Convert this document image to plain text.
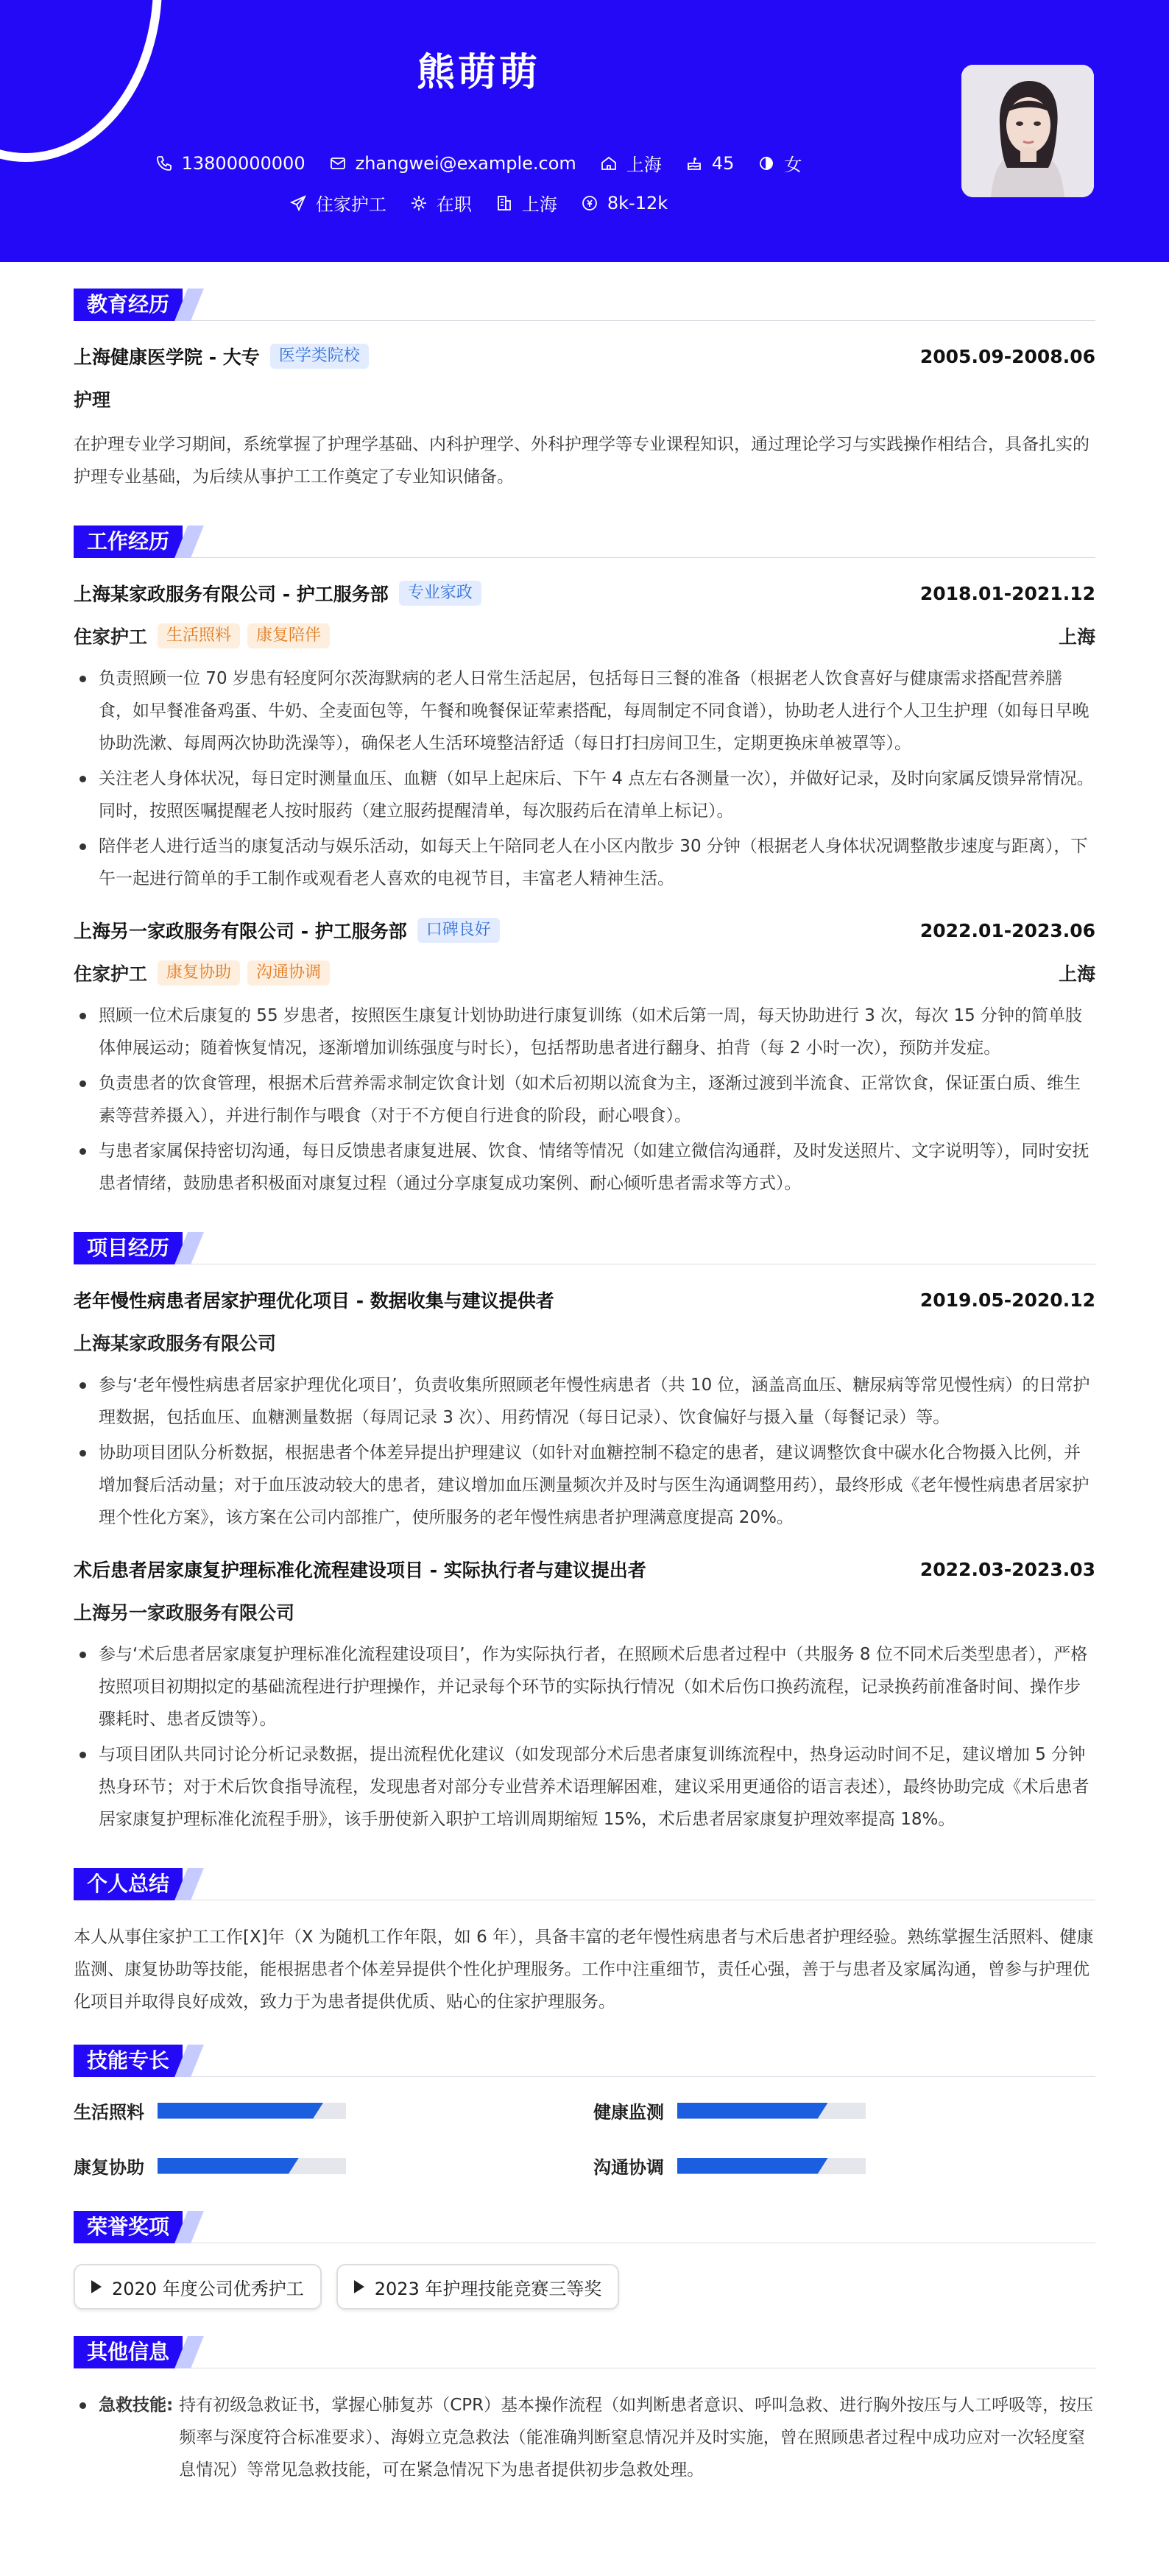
熊萌萌
13800000000	zhangwei@example.com	上海	45	女
住家护工	在职	上海	8k-12k
教育经历
上海健康医学院 - 大专	医学类院校	2005.09-2008.06
护理
在护理专业学习期间，系统掌握了护理学基础、内科护理学、外科护理学等专业课程知识，通过理论学习与实践操作相结合，具备扎实的护理专业基础，为后续从事护工工作奠定了专业知识储备。
工作经历
上海某家政服务有限公司 - 护工服务部	专业家政	2018.01-2021.12
住家护工	生活照料	康复陪伴	上海
负责照顾一位 70 岁患有轻度阿尔茨海默病的老人日常生活起居，包括每日三餐的准备（根据老人饮食喜好与健康需求搭配营养膳食，如早餐准备鸡蛋、牛奶、全麦面包等，午餐和晚餐保证荤素搭配，每周制定不同食谱），协助老人进行个人卫生护理（如每日早晚协助洗漱、每周两次协助洗澡等），确保老人生活环境整洁舒适（每日打扫房间卫生，定期更换床单被罩等）。
关注老人身体状况，每日定时测量血压、血糖（如早上起床后、下午 4 点左右各测量一次），并做好记录，及时向家属反馈异常情况。同时，按照医嘱提醒老人按时服药（建立服药提醒清单，每次服药后在清单上标记）。
陪伴老人进行适当的康复活动与娱乐活动，如每天上午陪同老人在小区内散步 30 分钟（根据老人身体状况调整散步速度与距离），下午一起进行简单的手工制作或观看老人喜欢的电视节目，丰富老人精神生活。
上海另一家政服务有限公司 - 护工服务部	口碑良好	2022.01-2023.06
住家护工	康复协助	沟通协调	上海
照顾一位术后康复的 55 岁患者，按照医生康复计划协助进行康复训练（如术后第一周，每天协助进行 3 次，每次 15 分钟的简单肢体伸展运动；随着恢复情况，逐渐增加训练强度与时长），包括帮助患者进行翻身、拍背（每 2 小时一次），预防并发症。
负责患者的饮食管理，根据术后营养需求制定饮食计划（如术后初期以流食为主，逐渐过渡到半流食、正常饮食，保证蛋白质、维生素等营养摄入），并进行制作与喂食（对于不方便自行进食的阶段，耐心喂食）。
与患者家属保持密切沟通，每日反馈患者康复进展、饮食、情绪等情况（如建立微信沟通群，及时发送照片、文字说明等），同时安抚患者情绪，鼓励患者积极面对康复过程（通过分享康复成功案例、耐心倾听患者需求等方式）。
项目经历
老年慢性病患者居家护理优化项目 - 数据收集与建议提供者	2019.05-2020.12
上海某家政服务有限公司
参与‘老年慢性病患者居家护理优化项目’，负责收集所照顾老年慢性病患者（共 10 位，涵盖高血压、糖尿病等常见慢性病）的日常护理数据，包括血压、血糖测量数据（每周记录 3 次）、用药情况（每日记录）、饮食偏好与摄入量（每餐记录）等。
协助项目团队分析数据，根据患者个体差异提出护理建议（如针对血糖控制不稳定的患者，建议调整饮食中碳水化合物摄入比例，并增加餐后活动量；对于血压波动较大的患者，建议增加血压测量频次并及时与医生沟通调整用药），最终形成《老年慢性病患者居家护理个性化方案》，该方案在公司内部推广，使所服务的老年慢性病患者护理满意度提高 20%。
术后患者居家康复护理标准化流程建设项目 - 实际执行者与建议提出者	2022.03-2023.03
上海另一家政服务有限公司
参与‘术后患者居家康复护理标准化流程建设项目’，作为实际执行者，在照顾术后患者过程中（共服务 8 位不同术后类型患者），严格按照项目初期拟定的基础流程进行护理操作，并记录每个环节的实际执行情况（如术后伤口换药流程，记录换药前准备时间、操作步骤耗时、患者反馈等）。
与项目团队共同讨论分析记录数据，提出流程优化建议（如发现部分术后患者康复训练流程中，热身运动时间不足，建议增加 5 分钟热身环节；对于术后饮食指导流程，发现患者对部分专业营养术语理解困难，建议采用更通俗的语言表述），最终协助完成《术后患者居家康复护理标准化流程手册》，该手册使新入职护工培训周期缩短 15%，术后患者居家康复护理效率提高 18%。
个人总结
本人从事住家护工工作[X]年（X 为随机工作年限，如 6 年），具备丰富的老年慢性病患者与术后患者护理经验。熟练掌握生活照料、健康监测、康复协助等技能，能根据患者个体差异提供个性化护理服务。工作中注重细节，责任心强，善于与患者及家属沟通，曾参与护理优化项目并取得良好成效，致力于为患者提供优质、贴心的住家护理服务。
技能专长
生活照料	健康监测
康复协助	沟通协调
荣誉奖项
2020 年度公司优秀护工	2023 年护理技能竞赛三等奖
其他信息
急救技能: 持有初级急救证书，掌握心肺复苏（CPR）基本操作流程（如判断患者意识、呼叫急救、进行胸外按压与人工呼吸等，按压频率与深度符合标准要求）、海姆立克急救法（能准确判断窒息情况并及时实施，曾在照顾患者过程中成功应对一次轻度窒息情况）等常见急救技能，可在紧急情况下为患者提供初步急救处理。
